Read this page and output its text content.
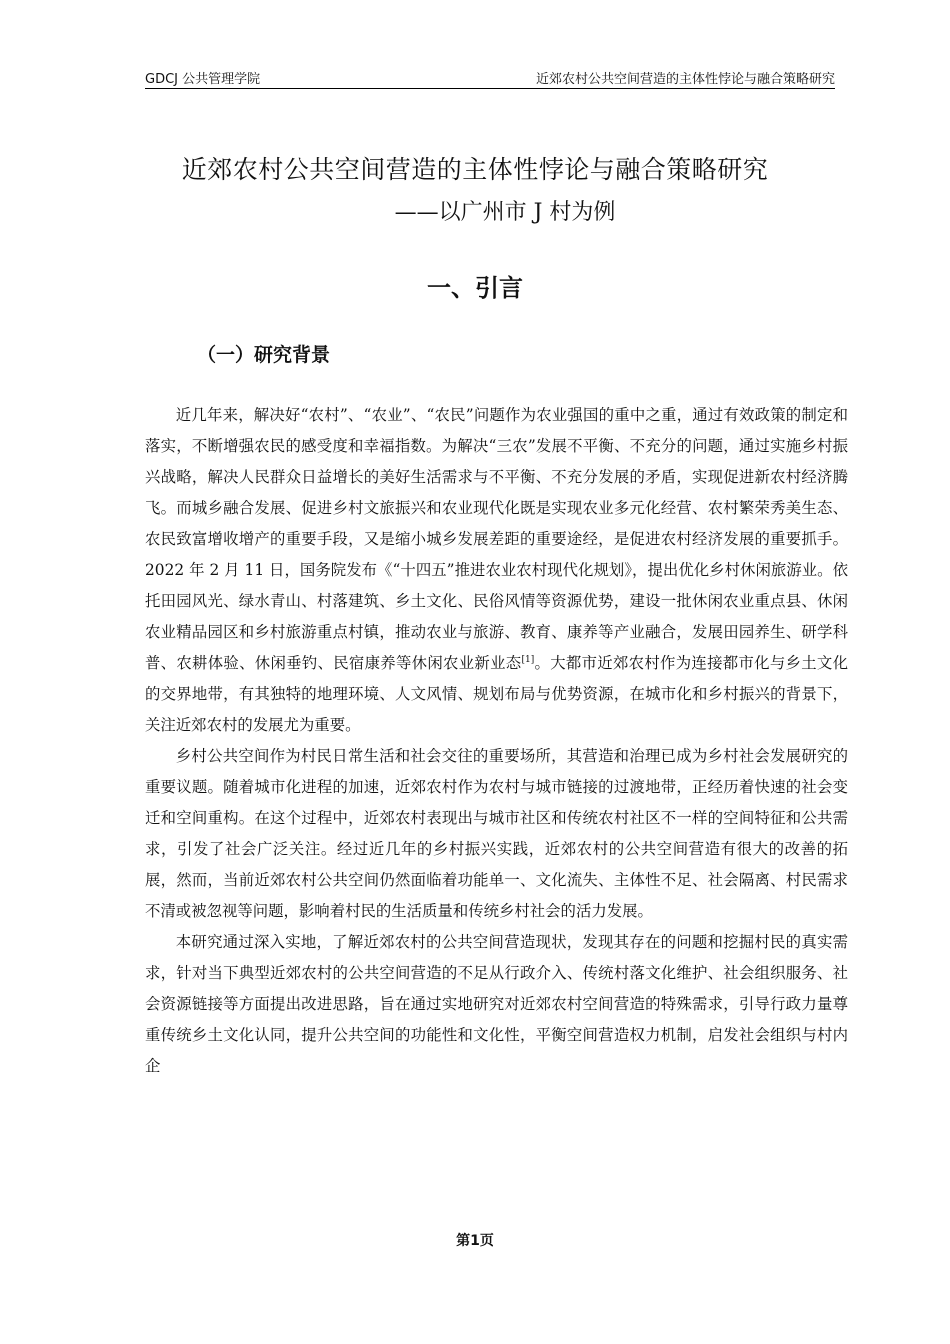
GDCJ 公共管理学院	近郊农村公共空间营造的主体性悖论与融合策略研究
近郊农村公共空间营造的主体性悖论与融合策略研究
——以广州市 J 村为例
一、引言
（一）研究背景

近几年来，解决好“农村”、“农业”、“农民”问题作为农业强国的重中之重，通过有效政策的制定和落实，不断增强农民的感受度和幸福指数。为解决“三农”发展不平衡、不充分的问题，通过实施乡村振兴战略，解决人民群众日益增长的美好生活需求与不平衡、不充分发展的矛盾，实现促进新农村经济腾飞。而城乡融合发展、促进乡村文旅振兴和农业现代化既是实现农业多元化经营、农村繁荣秀美生态、农民致富增收增产的重要手段，又是缩小城乡发展差距的重要途经，是促进农村经济发展的重要抓手。2022 年 2 月 11 日，国务院发布《“十四五”推进农业农村现代化规划》，提出优化乡村休闲旅游业。依托田园风光、绿水青山、村落建筑、乡土文化、民俗风情等资源优势，建设一批休闲农业重点县、休闲农业精品园区和乡村旅游重点村镇，推动农业与旅游、教育、康养等产业融合，发展田园养生、研学科普、农耕体验、休闲垂钓、民宿康养等休闲农业新业态[1]。大都市近郊农村作为连接都市化与乡土文化的交界地带，有其独特的地理环境、人文风情、规划布局与优势资源，在城市化和乡村振兴的背景下，关注近郊农村的发展尤为重要。

乡村公共空间作为村民日常生活和社会交往的重要场所，其营造和治理已成为乡村社会发展研究的重要议题。随着城市化进程的加速，近郊农村作为农村与城市链接的过渡地带，正经历着快速的社会变迁和空间重构。在这个过程中，近郊农村表现出与城市社区和传统农村社区不一样的空间特征和公共需求，引发了社会广泛关注。经过近几年的乡村振兴实践，近郊农村的公共空间营造有很大的改善的拓展，然而，当前近郊农村公共空间仍然面临着功能单一、文化流失、主体性不足、社会隔离、村民需求不清或被忽视等问题，影响着村民的生活质量和传统乡村社会的活力发展。

本研究通过深入实地，了解近郊农村的公共空间营造现状，发现其存在的问题和挖掘村民的真实需求，针对当下典型近郊农村的公共空间营造的不足从行政介入、传统村落文化维护、社会组织服务、社会资源链接等方面提出改进思路，旨在通过实地研究对近郊农村空间营造的特殊需求，引导行政力量尊重传统乡土文化认同，提升公共空间的功能性和文化性，平衡空间营造权力机制，启发社会组织与村内企

第1页
